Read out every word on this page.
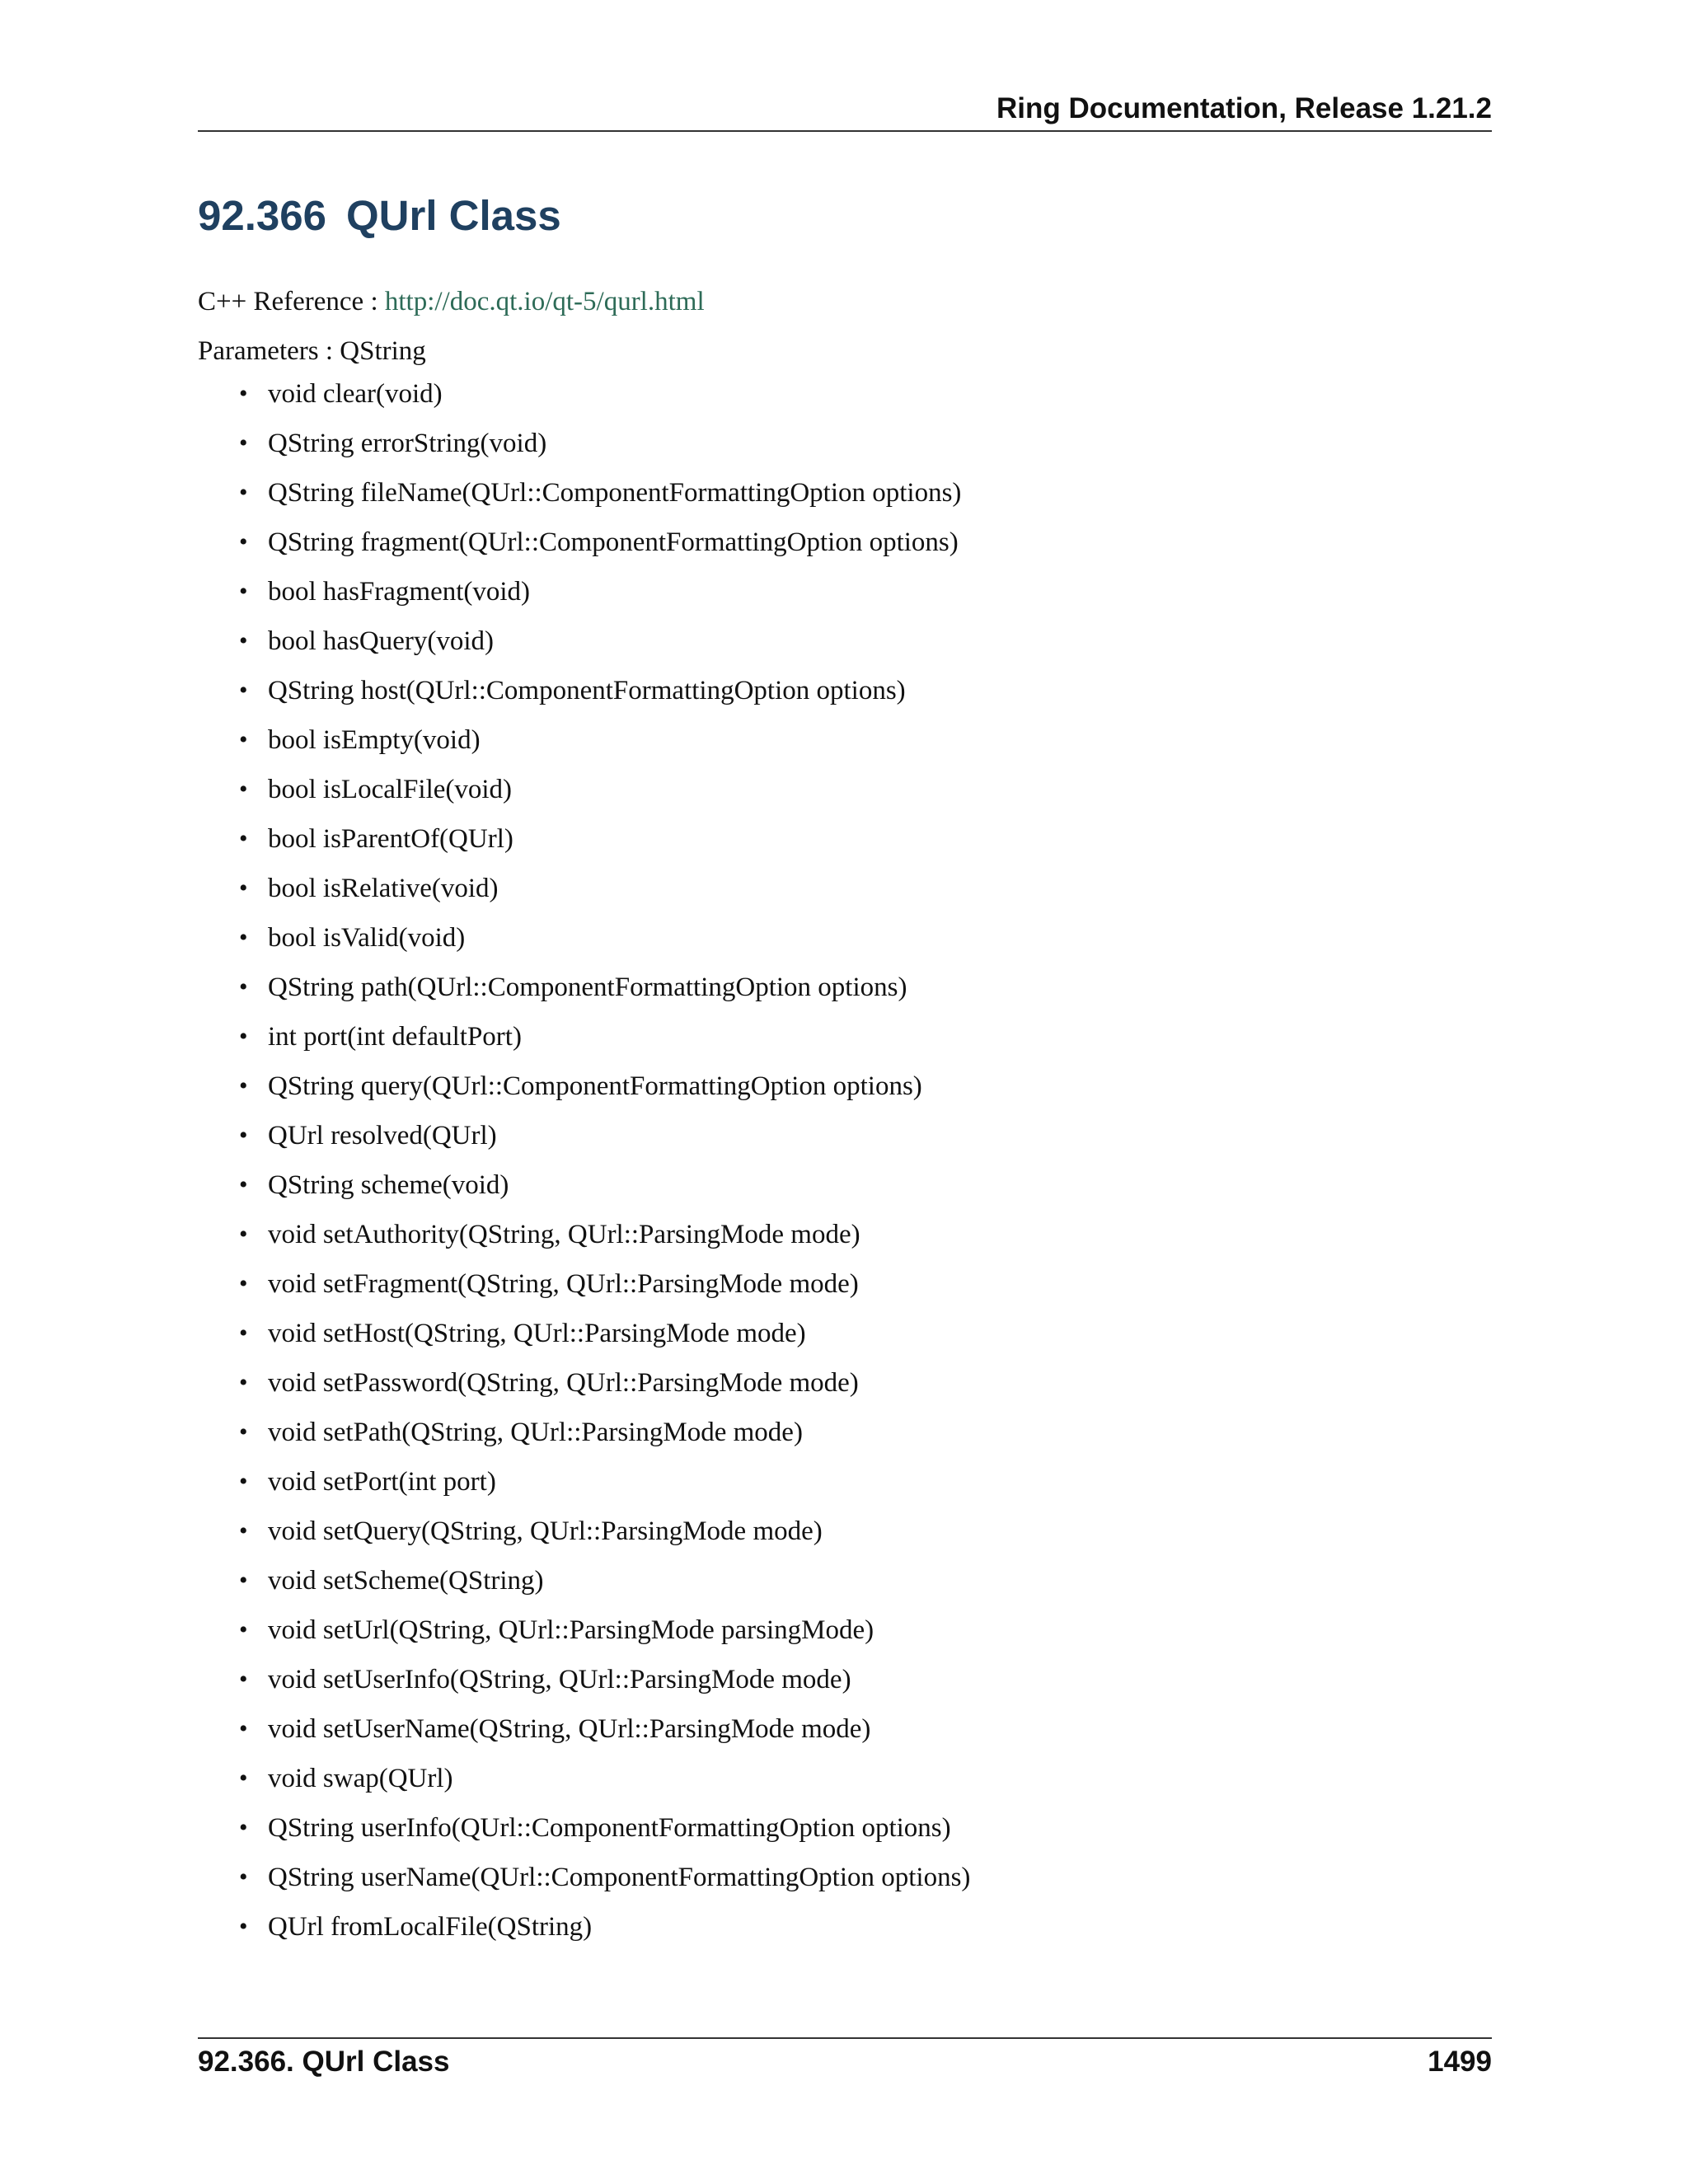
Ring Documentation, Release 1.21.2
92.366 QUrl Class
C++ Reference : http://doc.qt.io/qt-5/qurl.html
Parameters : QString
• void clear(void)
• QString errorString(void)
• QString fileName(QUrl::ComponentFormattingOption options)
• QString fragment(QUrl::ComponentFormattingOption options)
• bool hasFragment(void)
• bool hasQuery(void)
• QString host(QUrl::ComponentFormattingOption options)
• bool isEmpty(void)
• bool isLocalFile(void)
• bool isParentOf(QUrl)
• bool isRelative(void)
• bool isValid(void)
• QString path(QUrl::ComponentFormattingOption options)
• int port(int defaultPort)
• QString query(QUrl::ComponentFormattingOption options)
• QUrl resolved(QUrl)
• QString scheme(void)
• void setAuthority(QString, QUrl::ParsingMode mode)
• void setFragment(QString, QUrl::ParsingMode mode)
• void setHost(QString, QUrl::ParsingMode mode)
• void setPassword(QString, QUrl::ParsingMode mode)
• void setPath(QString, QUrl::ParsingMode mode)
• void setPort(int port)
• void setQuery(QString, QUrl::ParsingMode mode)
• void setScheme(QString)
• void setUrl(QString, QUrl::ParsingMode parsingMode)
• void setUserInfo(QString, QUrl::ParsingMode mode)
• void setUserName(QString, QUrl::ParsingMode mode)
• void swap(QUrl)
• QString userInfo(QUrl::ComponentFormattingOption options)
• QString userName(QUrl::ComponentFormattingOption options)
• QUrl fromLocalFile(QString)
92.366. QUrl Class	1499
